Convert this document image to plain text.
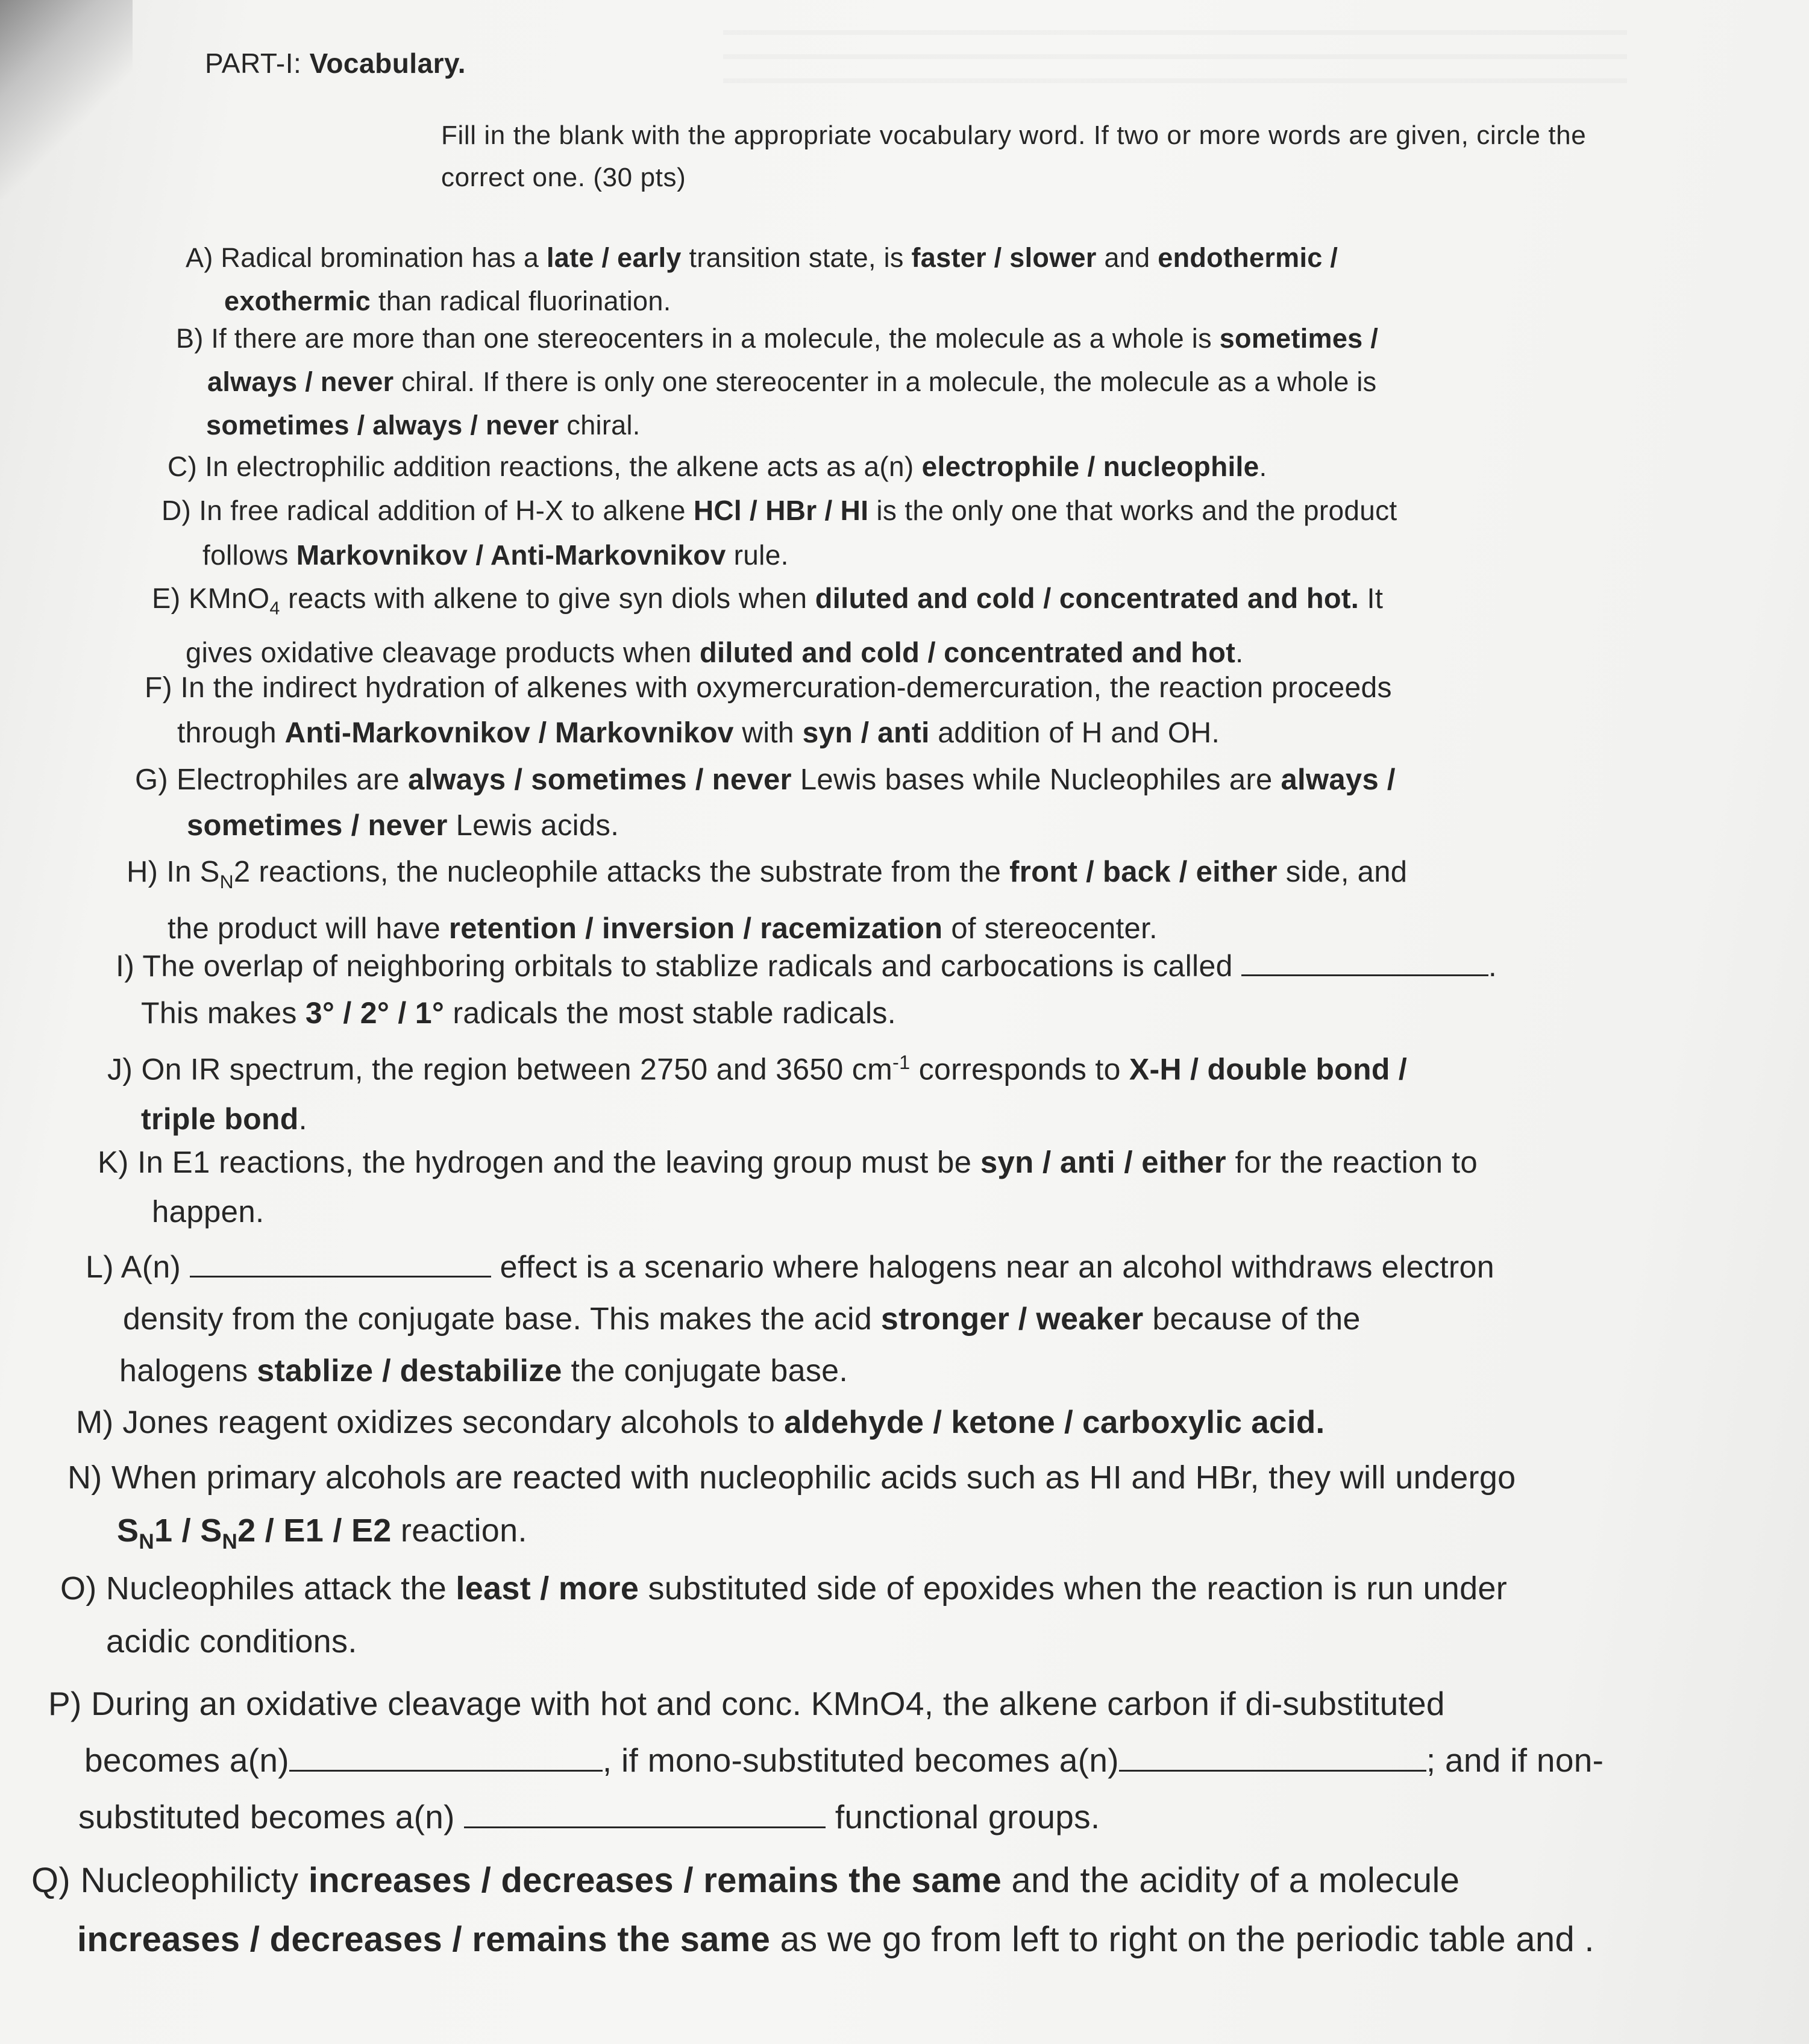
PART-I: Vocabulary.
Fill in the blank with the appropriate vocabulary word. If two or more words are given, circle the correct one. (30 pts)
A) Radical bromination has a late / early transition state, is faster / slower and endothermic /
exothermic than radical fluorination.
B) If there are more than one stereocenters in a molecule, the molecule as a whole is sometimes /
always / never chiral. If there is only one stereocenter in a molecule, the molecule as a whole is
sometimes / always / never chiral.
C) In electrophilic addition reactions, the alkene acts as a(n) electrophile / nucleophile.
D) In free radical addition of H-X to alkene HCl / HBr / HI is the only one that works and the product
follows Markovnikov / Anti-Markovnikov rule.
E) KMnO$_4$ reacts with alkene to give syn diols when diluted and cold / concentrated and hot. It
gives oxidative cleavage products when diluted and cold / concentrated and hot.
F) In the indirect hydration of alkenes with oxymercuration-demercuration, the reaction proceeds
through Anti-Markovnikov / Markovnikov with syn / anti addition of H and OH.
G) Electrophiles are always / sometimes / never Lewis bases while Nucleophiles are always /
sometimes / never Lewis acids.
H) In $S_N2$ reactions, the nucleophile attacks the substrate from the front / back / either side, and
the product will have retention / inversion / racemization of stereocenter.
I) The overlap of neighboring orbitals to stablize radicals and carbocations is called	.
This makes 3° / 2° / 1° radicals the most stable radicals.
J) On IR spectrum, the region between 2750 and 3650 $cm^{-1}$ corresponds to X-H / double bond /
triple bond.
K) In E1 reactions, the hydrogen and the leaving group must be syn / anti / either for the reaction to
happen.
L) A(n)	effect is a scenario where halogens near an alcohol withdraws electron
density from the conjugate base. This makes the acid stronger / weaker because of the
halogens stablize / destabilize the conjugate base.
M) Jones reagent oxidizes secondary alcohols to aldehyde / ketone / carboxylic acid.
N) When primary alcohols are reacted with nucleophilic acids such as HI and HBr, they will undergo
$S_N1 / S_N2 / E1 / E2$ reaction.
O) Nucleophiles attack the least / more substituted side of epoxides when the reaction is run under
acidic conditions.
P) During an oxidative cleavage with hot and conc. KMnO4, the alkene carbon if di-substituted
becomes a(n)	, if mono-substituted becomes a(n)	; and if non-
substituted becomes a(n)	functional groups.
Q) Nucleophilicty increases / decreases / remains the same and the acidity of a molecule
increases / decreases / remains the same as we go from left to right on the periodic table and .
